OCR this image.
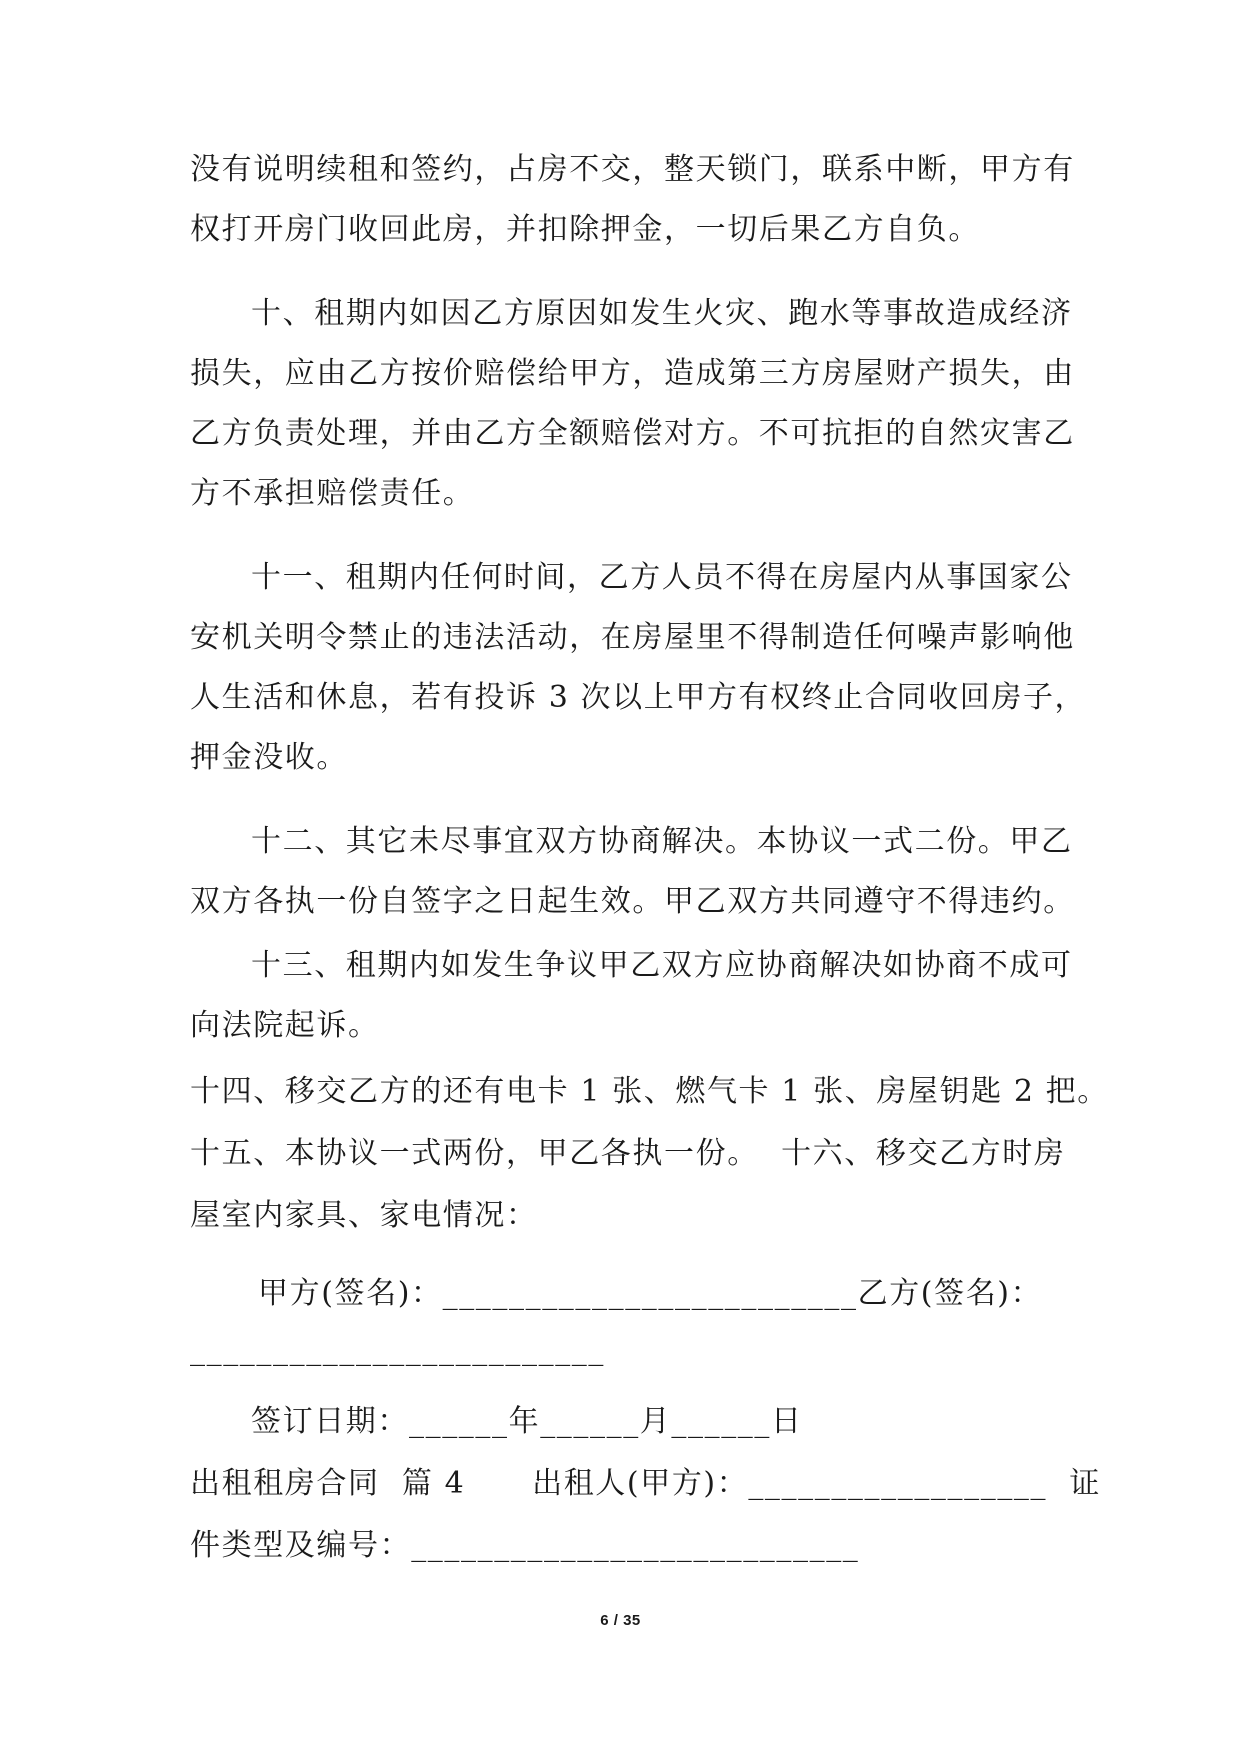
没有说明续租和签约，占房不交，整天锁门，联系中断，甲方有
权打开房门收回此房，并扣除押金，一切后果乙方自负。
十、租期内如因乙方原因如发生火灾、跑水等事故造成经济
损失，应由乙方按价赔偿给甲方，造成第三方房屋财产损失，由
乙方负责处理，并由乙方全额赔偿对方。不可抗拒的自然灾害乙
方不承担赔偿责任。
十一、租期内任何时间，乙方人员不得在房屋内从事国家公
安机关明令禁止的违法活动，在房屋里不得制造任何噪声影响他
人生活和休息，若有投诉 3 次以上甲方有权终止合同收回房子，
押金没收。
十二、其它未尽事宜双方协商解决。本协议一式二份。甲乙
双方各执一份自签字之日起生效。甲乙双方共同遵守不得违约。
十三、租期内如发生争议甲乙双方应协商解决如协商不成可
向法院起诉。
十四、移交乙方的还有电卡 1 张、燃气卡 1 张、房屋钥匙 2 把。
十五、本协议一式两份，甲乙各执一份。  十六、移交乙方时房
屋室内家具、家电情况：
甲方(签名)：_________________________乙方(签名)：
_________________________
签订日期：______年______月______日
出租租房合同  篇 4      出租人(甲方)：__________________  证
件类型及编号：___________________________
6 / 35
